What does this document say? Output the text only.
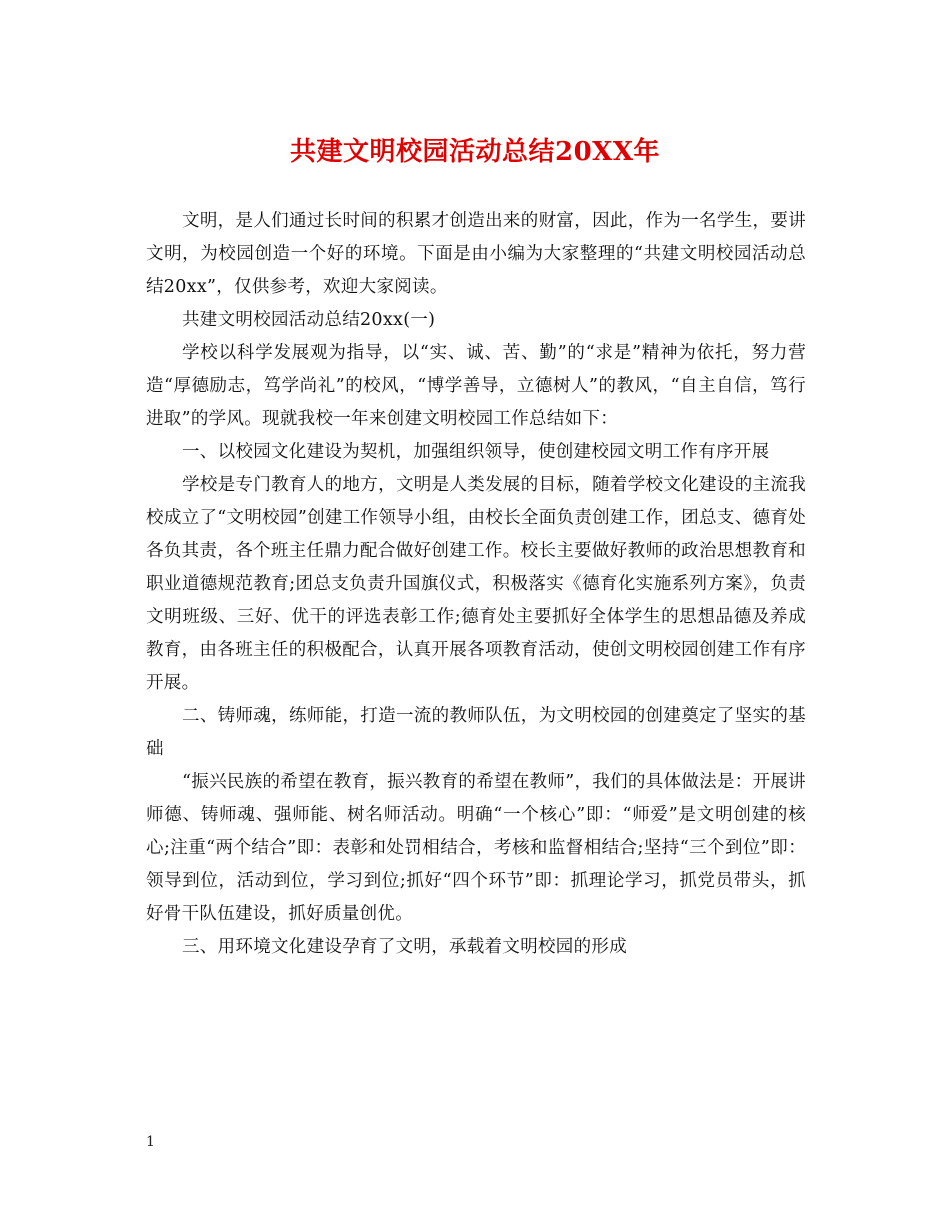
共建文明校园活动总结20XX年

文明，是人们通过长时间的积累才创造出来的财富，因此，作为一名学生，要讲文明，为校园创造一个好的环境。下面是由小编为大家整理的“共建文明校园活动总结20xx”，仅供参考，欢迎大家阅读。

共建文明校园活动总结20xx(一)

学校以科学发展观为指导，以“实、诚、苦、勤”的“求是”精神为依托，努力营造“厚德励志，笃学尚礼”的校风，“博学善导，立德树人”的教风，“自主自信，笃行进取”的学风。现就我校一年来创建文明校园工作总结如下：

一、以校园文化建设为契机，加强组织领导，使创建校园文明工作有序开展

学校是专门教育人的地方，文明是人类发展的目标，随着学校文化建设的主流我校成立了“文明校园”创建工作领导小组，由校长全面负责创建工作，团总支、德育处各负其责，各个班主任鼎力配合做好创建工作。校长主要做好教师的政治思想教育和职业道德规范教育;团总支负责升国旗仪式，积极落实《德育化实施系列方案》，负责文明班级、三好、优干的评选表彰工作;德育处主要抓好全体学生的思想品德及养成教育，由各班主任的积极配合，认真开展各项教育活动，使创文明校园创建工作有序开展。

二、铸师魂，练师能，打造一流的教师队伍，为文明校园的创建奠定了坚实的基础

“振兴民族的希望在教育，振兴教育的希望在教师”，我们的具体做法是：开展讲师德、铸师魂、强师能、树名师活动。明确“一个核心”即：“师爱”是文明创建的核心;注重“两个结合”即：表彰和处罚相结合，考核和监督相结合;坚持“三个到位”即：领导到位，活动到位，学习到位;抓好“四个环节”即：抓理论学习，抓党员带头，抓好骨干队伍建设，抓好质量创优。

三、用环境文化建设孕育了文明，承载着文明校园的形成

1
